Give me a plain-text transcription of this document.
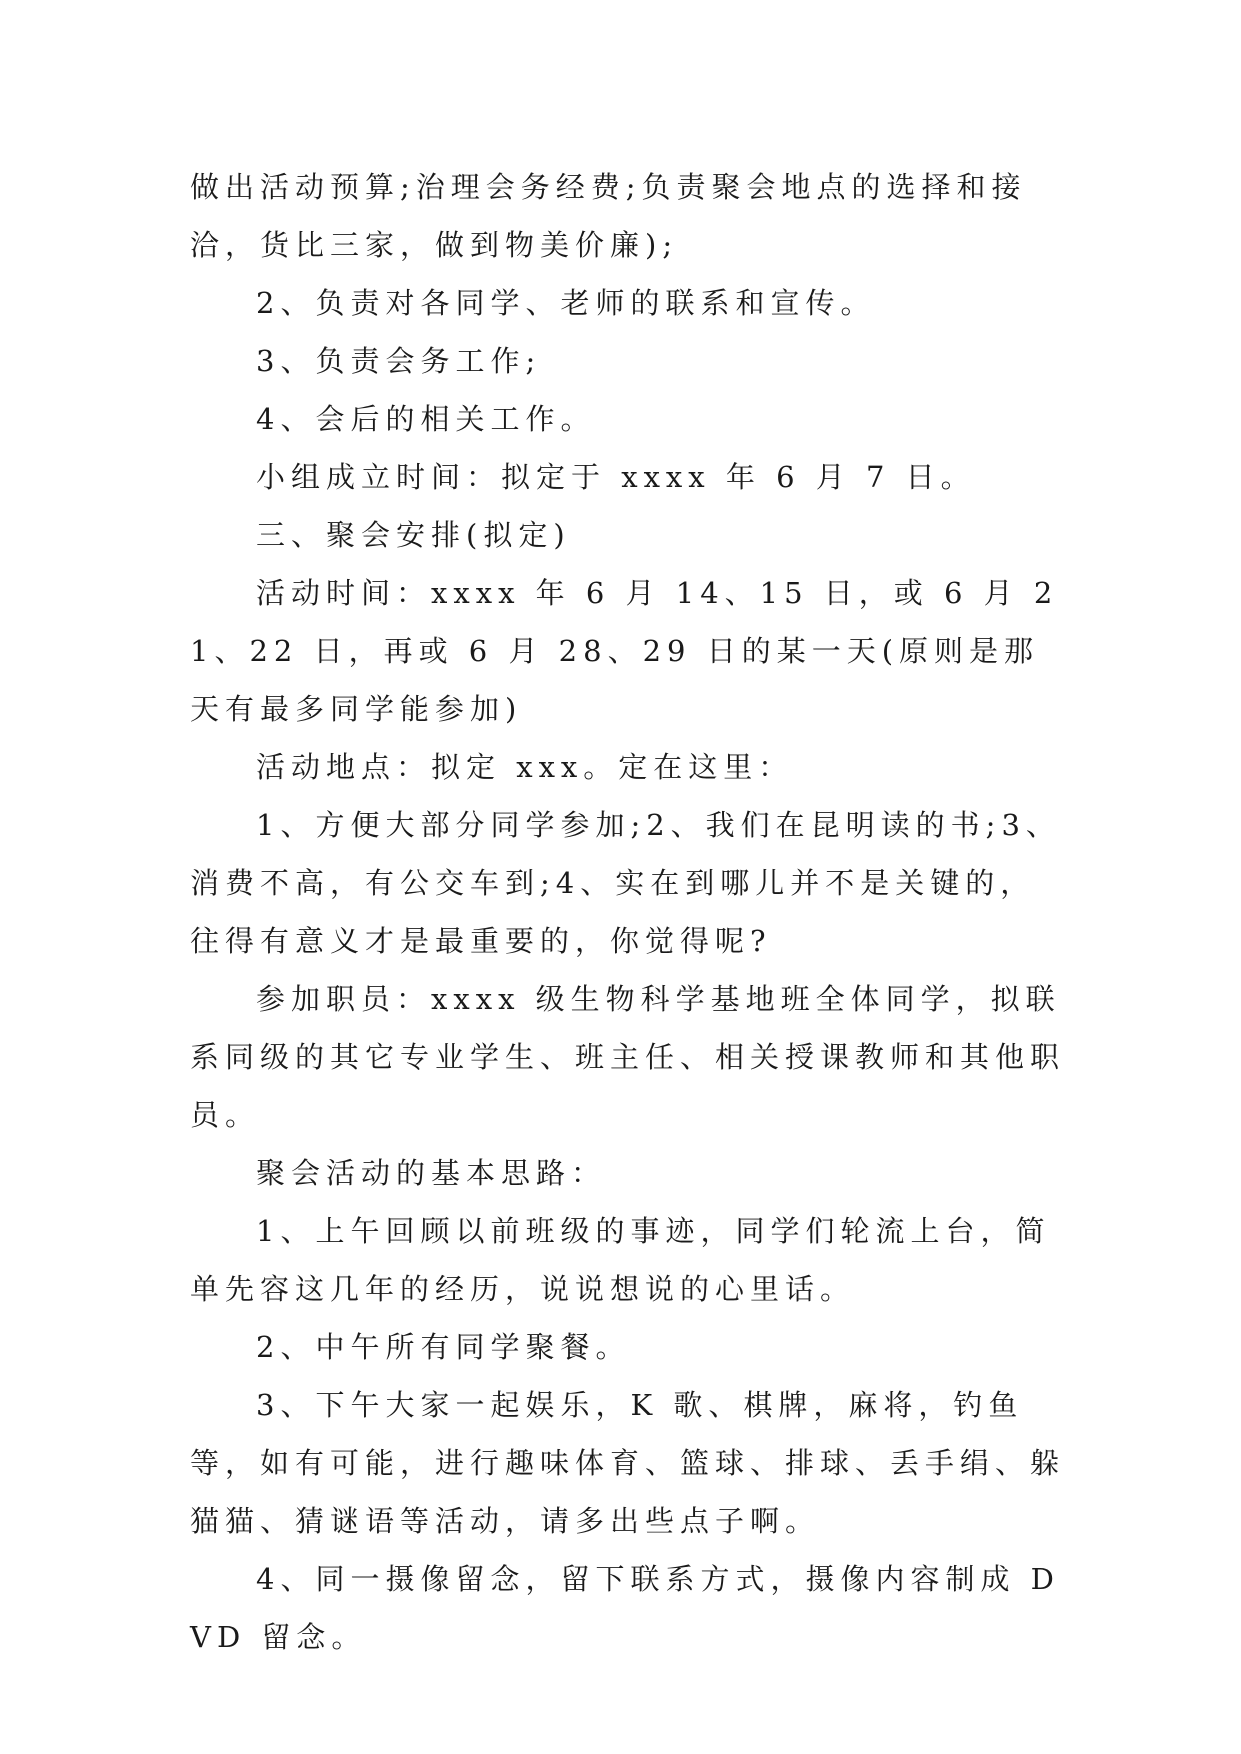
做出活动预算;治理会务经费;负责聚会地点的选择和接洽，货比三家，做到物美价廉);

2、负责对各同学、老师的联系和宣传。

3、负责会务工作;

4、会后的相关工作。

小组成立时间：拟定于 xxxx 年 6 月 7 日。

三、聚会安排(拟定)

活动时间：xxxx 年 6 月 14、15 日，或 6 月 21、22 日，再或 6 月 28、29 日的某一天(原则是那天有最多同学能参加)

活动地点：拟定 xxx。定在这里：

1、方便大部分同学参加;2、我们在昆明读的书;3、消费不高，有公交车到;4、实在到哪儿并不是关键的，往得有意义才是最重要的，你觉得呢?

参加职员：xxxx 级生物科学基地班全体同学，拟联系同级的其它专业学生、班主任、相关授课教师和其他职员。

聚会活动的基本思路：

1、上午回顾以前班级的事迹，同学们轮流上台，简单先容这几年的经历，说说想说的心里话。

2、中午所有同学聚餐。

3、下午大家一起娱乐，K 歌、棋牌，麻将，钓鱼等，如有可能，进行趣味体育、篮球、排球、丢手绢、躲猫猫、猜谜语等活动，请多出些点子啊。

4、同一摄像留念，留下联系方式，摄像内容制成 DVD 留念。
